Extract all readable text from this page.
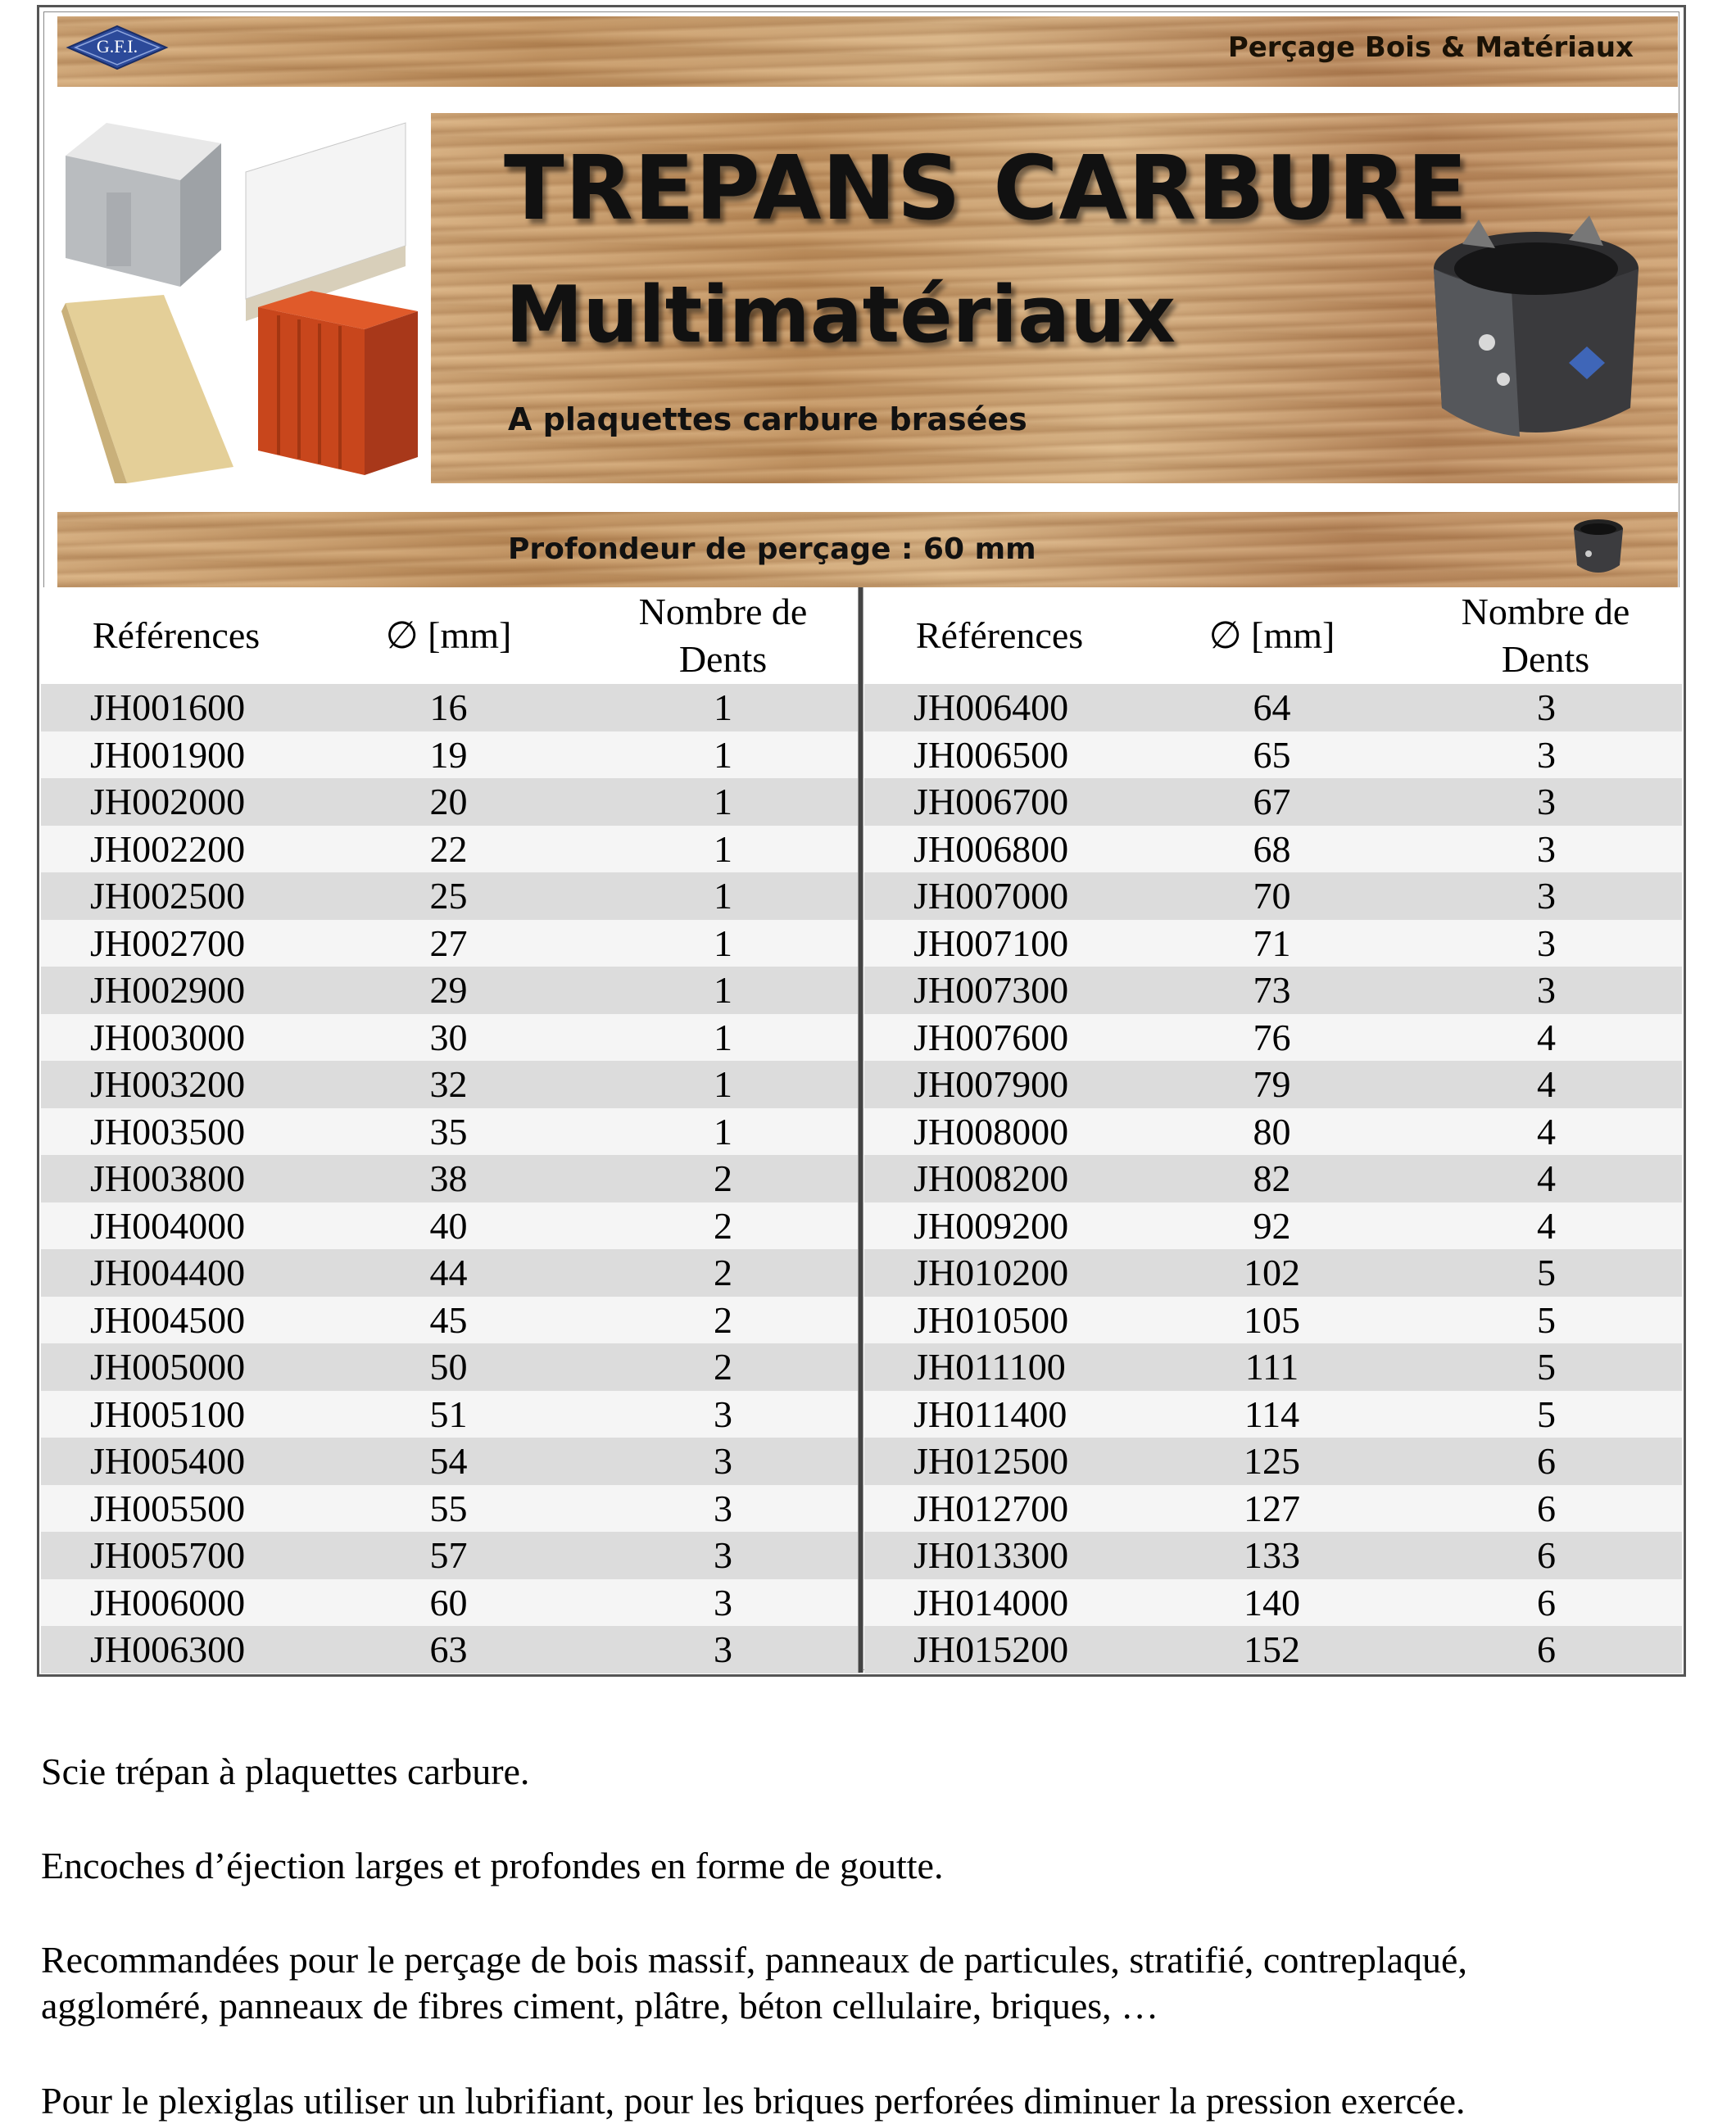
G.F.I.	Perçage Bois & Matériaux
TREPANS CARBURE
Multimatériaux
A plaquettes carbure brasées
Profondeur de perçage : 60 mm
Références	∅ [mm]
Nombre de
Dents
JH001600	16	1
JH001900	19	1
JH002000	20	1
JH002200	22	1
JH002500	25	1
JH002700	27	1
JH002900	29	1
JH003000	30	1
JH003200	32	1
JH003500	35	1
JH003800	38	2
JH004000	40	2
JH004400	44	2
JH004500	45	2
JH005000	50	2
JH005100	51	3
JH005400	54	3
JH005500	55	3
JH005700	57	3
JH006000	60	3
JH006300	63	3
Références	∅ [mm]
Nombre de
Dents
JH006400	64	3
JH006500	65	3
JH006700	67	3
JH006800	68	3
JH007000	70	3
JH007100	71	3
JH007300	73	3
JH007600	76	4
JH007900	79	4
JH008000	80	4
JH008200	82	4
JH009200	92	4
JH010200	102	5
JH010500	105	5
JH011100	111	5
JH011400	114	5
JH012500	125	6
JH012700	127	6
JH013300	133	6
JH014000	140	6
JH015200	152	6
Scie trépan à plaquettes carbure.
Encoches d’éjection larges et profondes en forme de goutte.
Recommandées pour le perçage de bois massif, panneaux de particules, stratifié, contreplaqué,
aggloméré, panneaux de fibres ciment, plâtre, béton cellulaire, briques, …
Pour le plexiglas utiliser un lubrifiant, pour les briques perforées diminuer la pression exercée.
